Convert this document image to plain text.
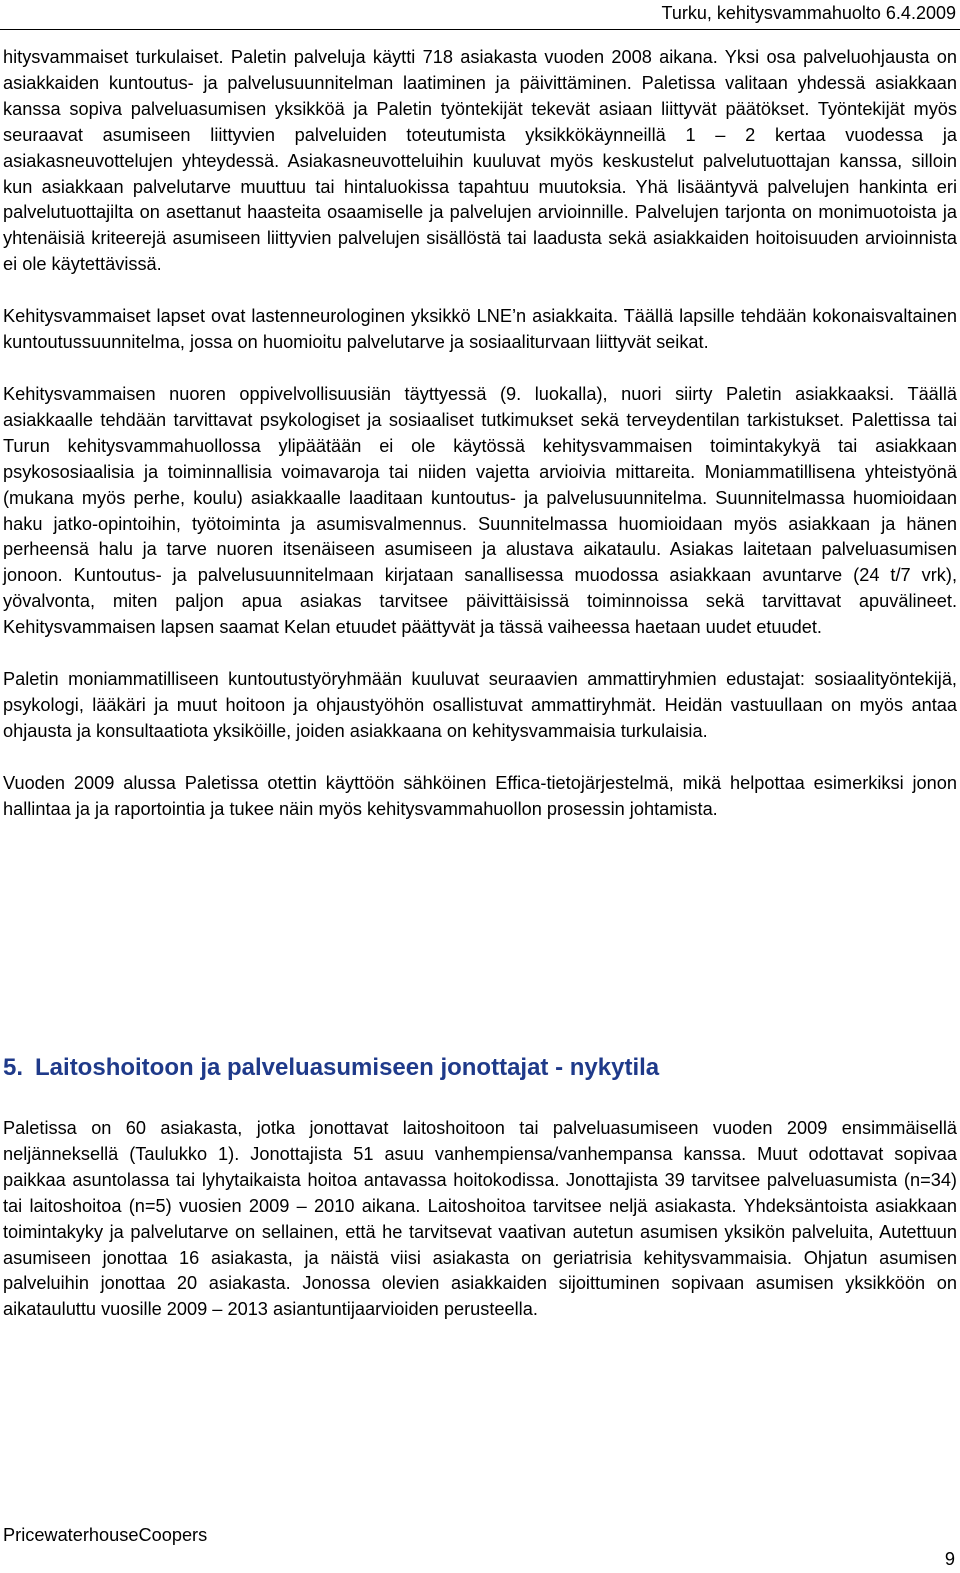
Turku, kehitysvammahuolto 6.4.2009

hitysvammaiset turkulaiset. Paletin palveluja käytti 718 asiakasta vuoden 2008 aikana. Yksi osa palveluohjausta on asiakkaiden kuntoutus- ja palvelusuunnitelman laatiminen ja päivittäminen. Paletissa valitaan yhdessä asiakkaan kanssa sopiva palveluasumisen yksikköä ja Paletin työntekijät tekevät asiaan liittyvät päätökset. Työntekijät myös seuraavat asumiseen liittyvien palveluiden toteutumista yksikkökäynneillä 1 – 2 kertaa vuodessa ja asiakasneuvottelujen yhteydessä. Asiakasneuvotteluihin kuuluvat myös keskustelut palvelutuottajan kanssa, silloin kun asiakkaan palvelutarve muuttuu tai hintaluokissa tapahtuu muutoksia. Yhä lisääntyvä palvelujen hankinta eri palvelutuottajilta on asettanut haasteita osaamiselle ja palvelujen arvioinnille. Palvelujen tarjonta on monimuotoista ja yhtenäisiä kriteerejä asumiseen liittyvien palvelujen sisällöstä tai laadusta sekä asiakkaiden hoitoisuuden arvioinnista ei ole käytettävissä.

Kehitysvammaiset lapset ovat lastenneurologinen yksikkö LNE’n asiakkaita. Täällä lapsille tehdään kokonaisvaltainen kuntoutussuunnitelma, jossa on huomioitu palvelutarve ja sosiaaliturvaan liittyvät seikat.

Kehitysvammaisen nuoren oppivelvollisuusiän täyttyessä (9. luokalla), nuori siirty Paletin asiakkaaksi. Täällä asiakkaalle tehdään tarvittavat psykologiset ja sosiaaliset tutkimukset sekä terveydentilan tarkistukset. Palettissa tai Turun kehitysvammahuollossa ylipäätään ei ole käytössä kehitysvammaisen toimintakykyä tai asiakkaan psykososiaalisia ja toiminnallisia voimavaroja tai niiden vajetta arvioivia mittareita. Moniammatillisena yhteistyönä (mukana myös perhe, koulu) asiakkaalle laaditaan kuntoutus- ja palvelusuunnitelma. Suunnitelmassa huomioidaan haku jatko-opintoihin, työtoiminta ja asumisvalmennus. Suunnitelmassa huomioidaan myös asiakkaan ja hänen perheensä halu ja tarve nuoren itsenäiseen asumiseen ja alustava aikataulu. Asiakas laitetaan palveluasumisen jonoon. Kuntoutus- ja palvelusuunnitelmaan kirjataan sanallisessa muodossa asiakkaan avuntarve (24 t/7 vrk), yövalvonta, miten paljon apua asiakas tarvitsee päivittäisissä toiminnoissa sekä tarvittavat apuvälineet. Kehitysvammaisen lapsen saamat Kelan etuudet päättyvät ja tässä vaiheessa haetaan uudet etuudet.

Paletin moniammatilliseen kuntoutustyöryhmään kuuluvat seuraavien ammattiryhmien edustajat: sosiaalityöntekijä, psykologi, lääkäri ja muut hoitoon ja ohjaustyöhön osallistuvat ammattiryhmät. Heidän vastuullaan on myös antaa ohjausta ja konsultaatiota yksiköille, joiden asiakkaana on kehitysvammaisia turkulaisia.

Vuoden 2009 alussa Paletissa otettin käyttöön sähköinen Effica-tietojärjestelmä, mikä helpottaa esimerkiksi jonon hallintaa ja ja raportointia ja tukee näin myös kehitysvammahuollon prosessin johtamista.

5. Laitoshoitoon ja palveluasumiseen jonottajat - nykytila

Paletissa on 60 asiakasta, jotka jonottavat laitoshoitoon tai palveluasumiseen vuoden 2009 ensimmäisellä neljänneksellä (Taulukko 1). Jonottajista 51 asuu vanhempiensa/vanhempansa kanssa. Muut odottavat sopivaa paikkaa asuntolassa tai lyhytaikaista hoitoa antavassa hoitokodissa. Jonottajista 39 tarvitsee palveluasumista (n=34) tai laitoshoitoa (n=5) vuosien 2009 – 2010 aikana. Laitoshoitoa tarvitsee neljä asiakasta. Yhdeksäntoista asiakkaan toimintakyky ja palvelutarve on sellainen, että he tarvitsevat vaativan autetun asumisen yksikön palveluita, Autettuun asumiseen jonottaa 16 asiakasta, ja näistä viisi asiakasta on geriatrisia kehitysvammaisia. Ohjatun asumisen palveluihin jonottaa 20 asiakasta. Jonossa olevien asiakkaiden sijoittuminen sopivaan asumisen yksikköön on aikatauluttu vuosille 2009 – 2013 asiantuntijaarvioiden perusteella.

PricewaterhouseCoopers
9
